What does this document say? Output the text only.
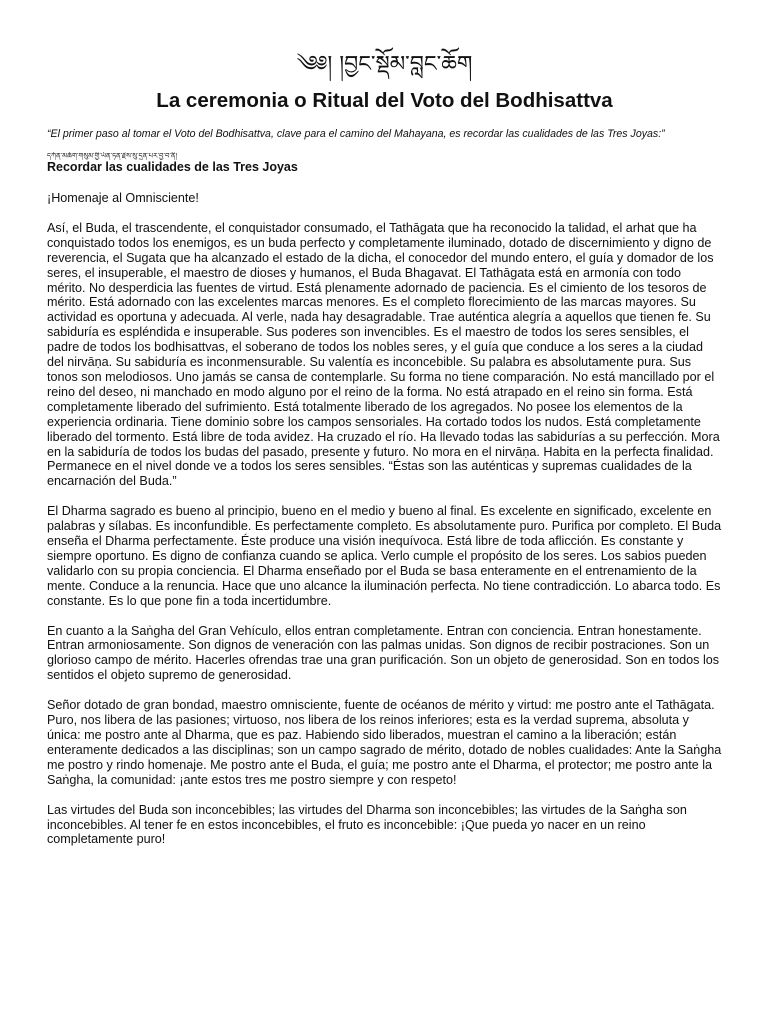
༄༅། །བྱང་སྡོམ་བླང་ཆོག

La ceremonia o Ritual del Voto del Bodhisattva

“El primer paso al tomar el Voto del Bodhisattva, clave para el camino del Mahayana, es recordar las cualidades de las Tres Joyas:”

དཀོན་མཆོག་གསུམ་གྱི་ཡོན་ཏན་རྗེས་སུ་དྲན་པར་བྱ་བ་ནི།

Recordar las cualidades de las Tres Joyas

¡Homenaje al Omnisciente!

Así, el Buda, el trascendente, el conquistador consumado, el Tathāgata que ha reconocido la talidad, el arhat que ha conquistado todos los enemigos, es un buda perfecto y completamente iluminado, dotado de discernimiento y digno de reverencia, el Sugata que ha alcanzado el estado de la dicha, el conocedor del mundo entero, el guía y domador de los seres, el insuperable, el maestro de dioses y humanos, el Buda Bhagavat. El Tathāgata está en armonía con todo mérito. No desperdicia las fuentes de virtud. Está plenamente adornado de paciencia. Es el cimiento de los tesoros de mérito. Está adornado con las excelentes marcas menores. Es el completo florecimiento de las marcas mayores. Su actividad es oportuna y adecuada. Al verle, nada hay desagradable. Trae auténtica alegría a aquellos que tienen fe. Su sabiduría es espléndida e insuperable. Sus poderes son invencibles. Es el maestro de todos los seres sensibles, el padre de todos los bodhisattvas, el soberano de todos los nobles seres, y el guía que conduce a los seres a la ciudad del nirvāṇa. Su sabiduría es inconmensurable. Su valentía es inconcebible. Su palabra es absolutamente pura. Sus tonos son melodiosos. Uno jamás se cansa de contemplarle. Su forma no tiene comparación. No está mancillado por el reino del deseo, ni manchado en modo alguno por el reino de la forma. No está atrapado en el reino sin forma. Está completamente liberado del sufrimiento. Está totalmente liberado de los agregados. No posee los elementos de la experiencia ordinaria. Tiene dominio sobre los campos sensoriales. Ha cortado todos los nudos. Está completamente liberado del tormento. Está libre de toda avidez. Ha cruzado el río. Ha llevado todas las sabidurías a su perfección. Mora en la sabiduría de todos los budas del pasado, presente y futuro. No mora en el nirvāṇa. Habita en la perfecta finalidad. Permanece en el nivel donde ve a todos los seres sensibles. “Éstas son las auténticas y supremas cualidades de la encarnación del Buda.”

El Dharma sagrado es bueno al principio, bueno en el medio y bueno al final. Es excelente en significado, excelente en palabras y sílabas. Es inconfundible. Es perfectamente completo. Es absolutamente puro. Purifica por completo. El Buda enseña el Dharma perfectamente. Éste produce una visión inequívoca. Está libre de toda aflicción. Es constante y siempre oportuno. Es digno de confianza cuando se aplica. Verlo cumple el propósito de los seres. Los sabios pueden validarlo con su propia conciencia. El Dharma enseñado por el Buda se basa enteramente en el entrenamiento de la mente. Conduce a la renuncia. Hace que uno alcance la iluminación perfecta. No tiene contradicción. Lo abarca todo. Es constante. Es lo que pone fin a toda incertidumbre.

En cuanto a la Saṅgha del Gran Vehículo, ellos entran completamente. Entran con conciencia. Entran honestamente. Entran armoniosamente. Son dignos de veneración con las palmas unidas. Son dignos de recibir postraciones. Son un glorioso campo de mérito. Hacerles ofrendas trae una gran purificación. Son un objeto de generosidad. Son en todos los sentidos el objeto supremo de generosidad.

Señor dotado de gran bondad, maestro omnisciente, fuente de océanos de mérito y virtud: me postro ante el Tathāgata. Puro, nos libera de las pasiones; virtuoso, nos libera de los reinos inferiores; esta es la verdad suprema, absoluta y única: me postro ante al Dharma, que es paz. Habiendo sido liberados, muestran el camino a la liberación; están enteramente dedicados a las disciplinas; son un campo sagrado de mérito, dotado de nobles cualidades: Ante la Saṅgha me postro y rindo homenaje. Me postro ante el Buda, el guía; me postro ante el Dharma, el protector; me postro ante la Saṅgha, la comunidad: ¡ante estos tres me postro siempre y con respeto!

Las virtudes del Buda son inconcebibles; las virtudes del Dharma son inconcebibles; las virtudes de la Saṅgha son inconcebibles. Al tener fe en estos inconcebibles, el fruto es inconcebible: ¡Que pueda yo nacer en un reino completamente puro!
